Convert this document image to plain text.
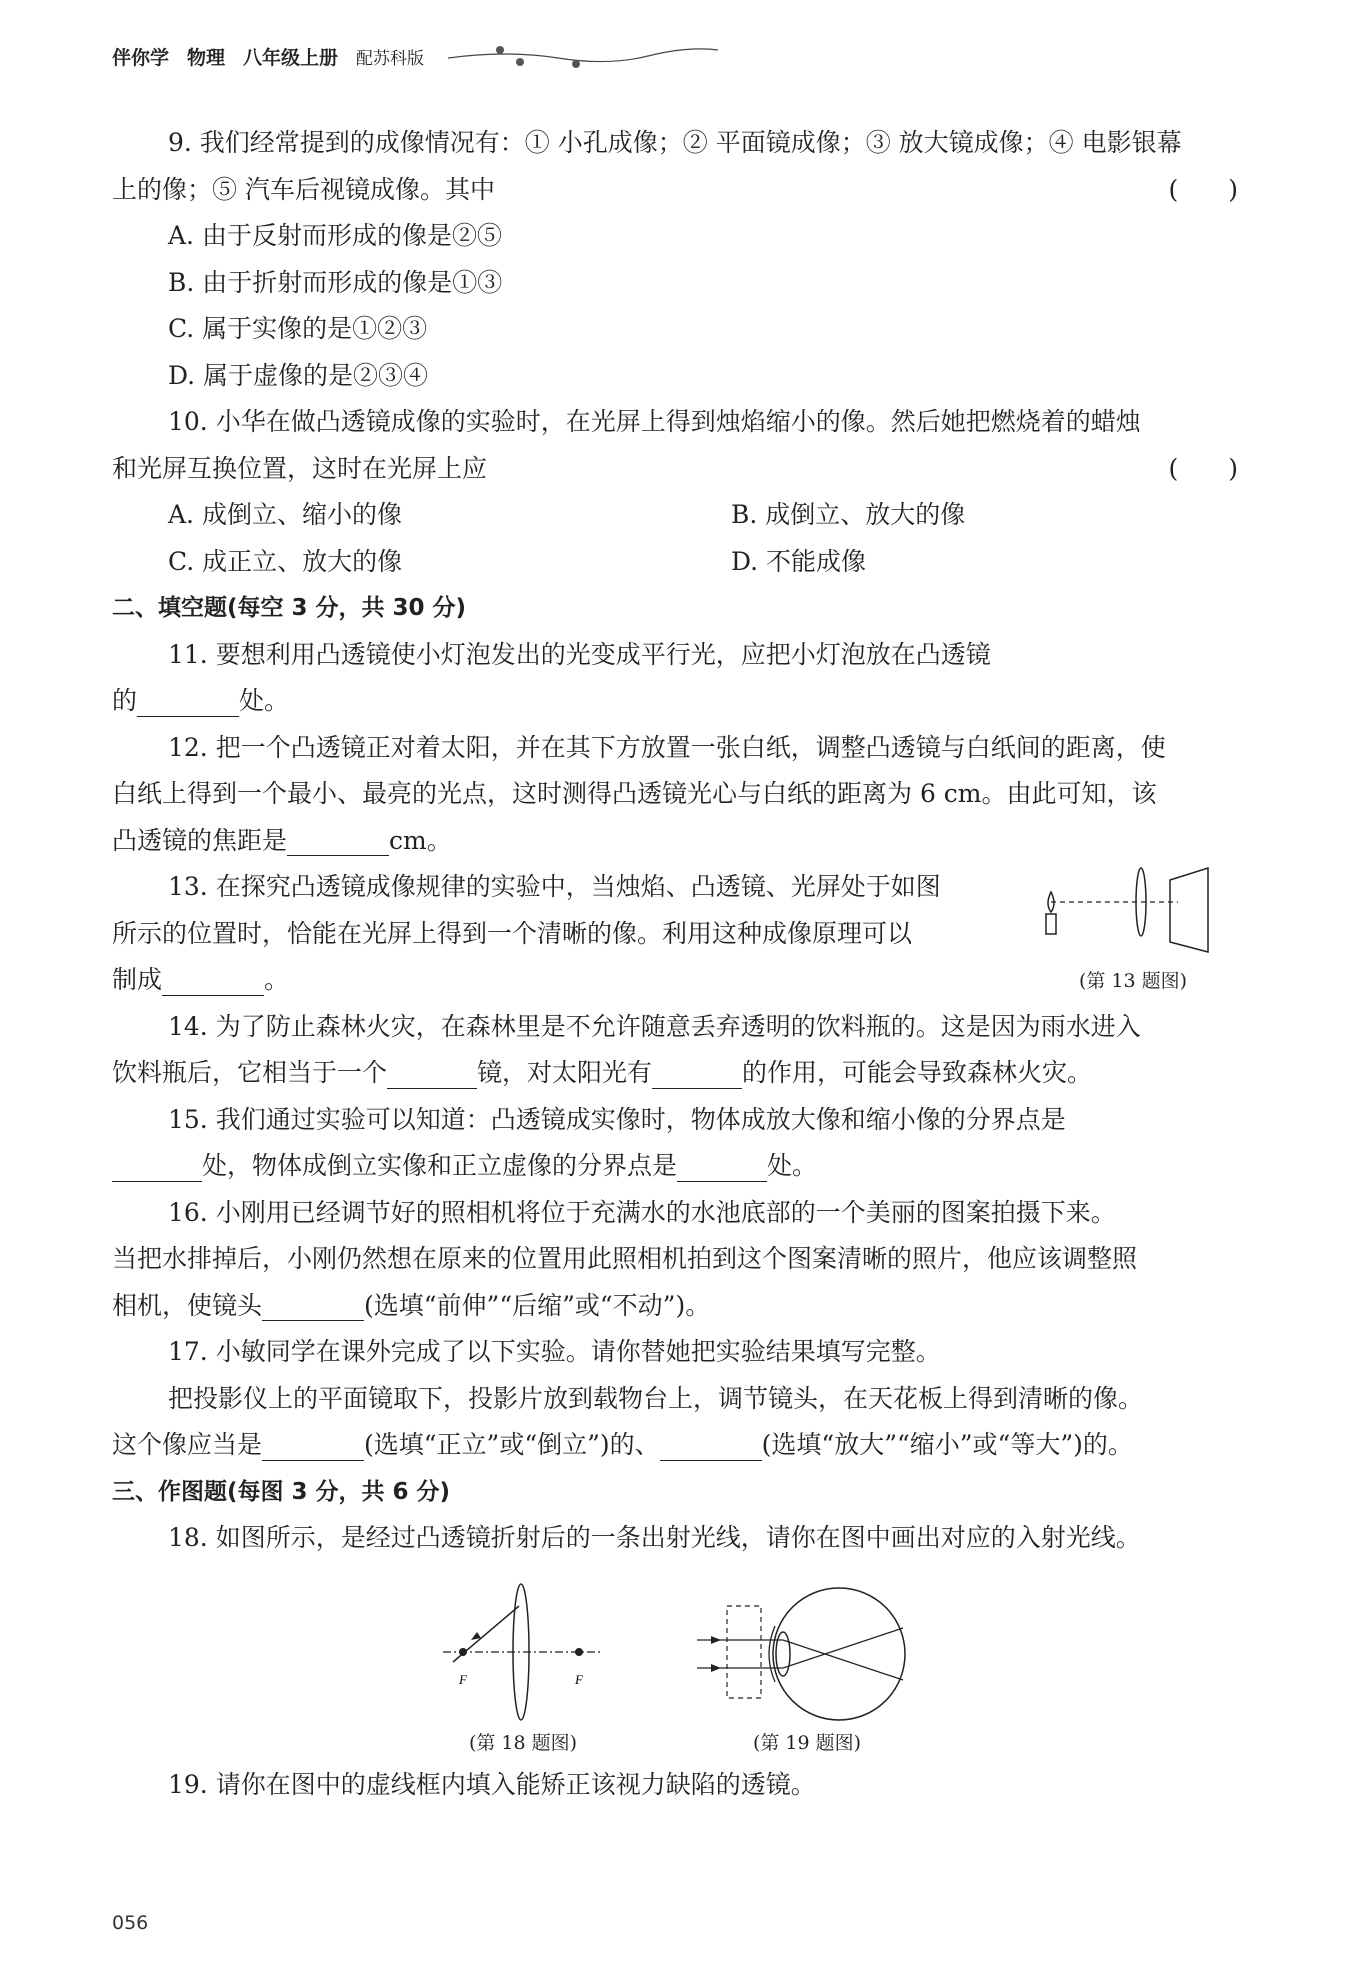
伴你学 物理 八年级上册 配苏科版

9. 我们经常提到的成像情况有：① 小孔成像；② 平面镜成像；③ 放大镜成像；④ 电影银幕

上的像；⑤ 汽车后视镜成像。其中	(　　)

A. 由于反射而形成的像是②⑤

B. 由于折射而形成的像是①③

C. 属于实像的是①②③

D. 属于虚像的是②③④

10. 小华在做凸透镜成像的实验时，在光屏上得到烛焰缩小的像。然后她把燃烧着的蜡烛

和光屏互换位置，这时在光屏上应	(　　)

A. 成倒立、缩小的像	B. 成倒立、放大的像

C. 成正立、放大的像	D. 不能成像

二、填空题(每空 3 分，共 30 分)

11. 要想利用凸透镜使小灯泡发出的光变成平行光，应把小灯泡放在凸透镜

的	处。

12. 把一个凸透镜正对着太阳，并在其下方放置一张白纸，调整凸透镜与白纸间的距离，使

白纸上得到一个最小、最亮的光点，这时测得凸透镜光心与白纸的距离为 6 cm。由此可知，该

凸透镜的焦距是	cm。

13. 在探究凸透镜成像规律的实验中，当烛焰、凸透镜、光屏处于如图

所示的位置时，恰能在光屏上得到一个清晰的像。利用这种成像原理可以

制成	。	(第 13 题图)

14. 为了防止森林火灾，在森林里是不允许随意丢弃透明的饮料瓶的。这是因为雨水进入

饮料瓶后，它相当于一个	镜，对太阳光有	的作用，可能会导致森林火灾。

15. 我们通过实验可以知道：凸透镜成实像时，物体成放大像和缩小像的分界点是

处，物体成倒立实像和正立虚像的分界点是	处。

16. 小刚用已经调节好的照相机将位于充满水的水池底部的一个美丽的图案拍摄下来。

当把水排掉后，小刚仍然想在原来的位置用此照相机拍到这个图案清晰的照片，他应该调整照

相机，使镜头	(选填“前伸”“后缩”或“不动”)。

17. 小敏同学在课外完成了以下实验。请你替她把实验结果填写完整。

把投影仪上的平面镜取下，投影片放到载物台上，调节镜头，在天花板上得到清晰的像。

这个像应当是	(选填“正立”或“倒立”)的、	(选填“放大”“缩小”或“等大”)的。

三、作图题(每图 3 分，共 6 分)

18. 如图所示，是经过凸透镜折射后的一条出射光线，请你在图中画出对应的入射光线。

F	F
(第 18 题图)	(第 19 题图)

19. 请你在图中的虚线框内填入能矫正该视力缺陷的透镜。

056
